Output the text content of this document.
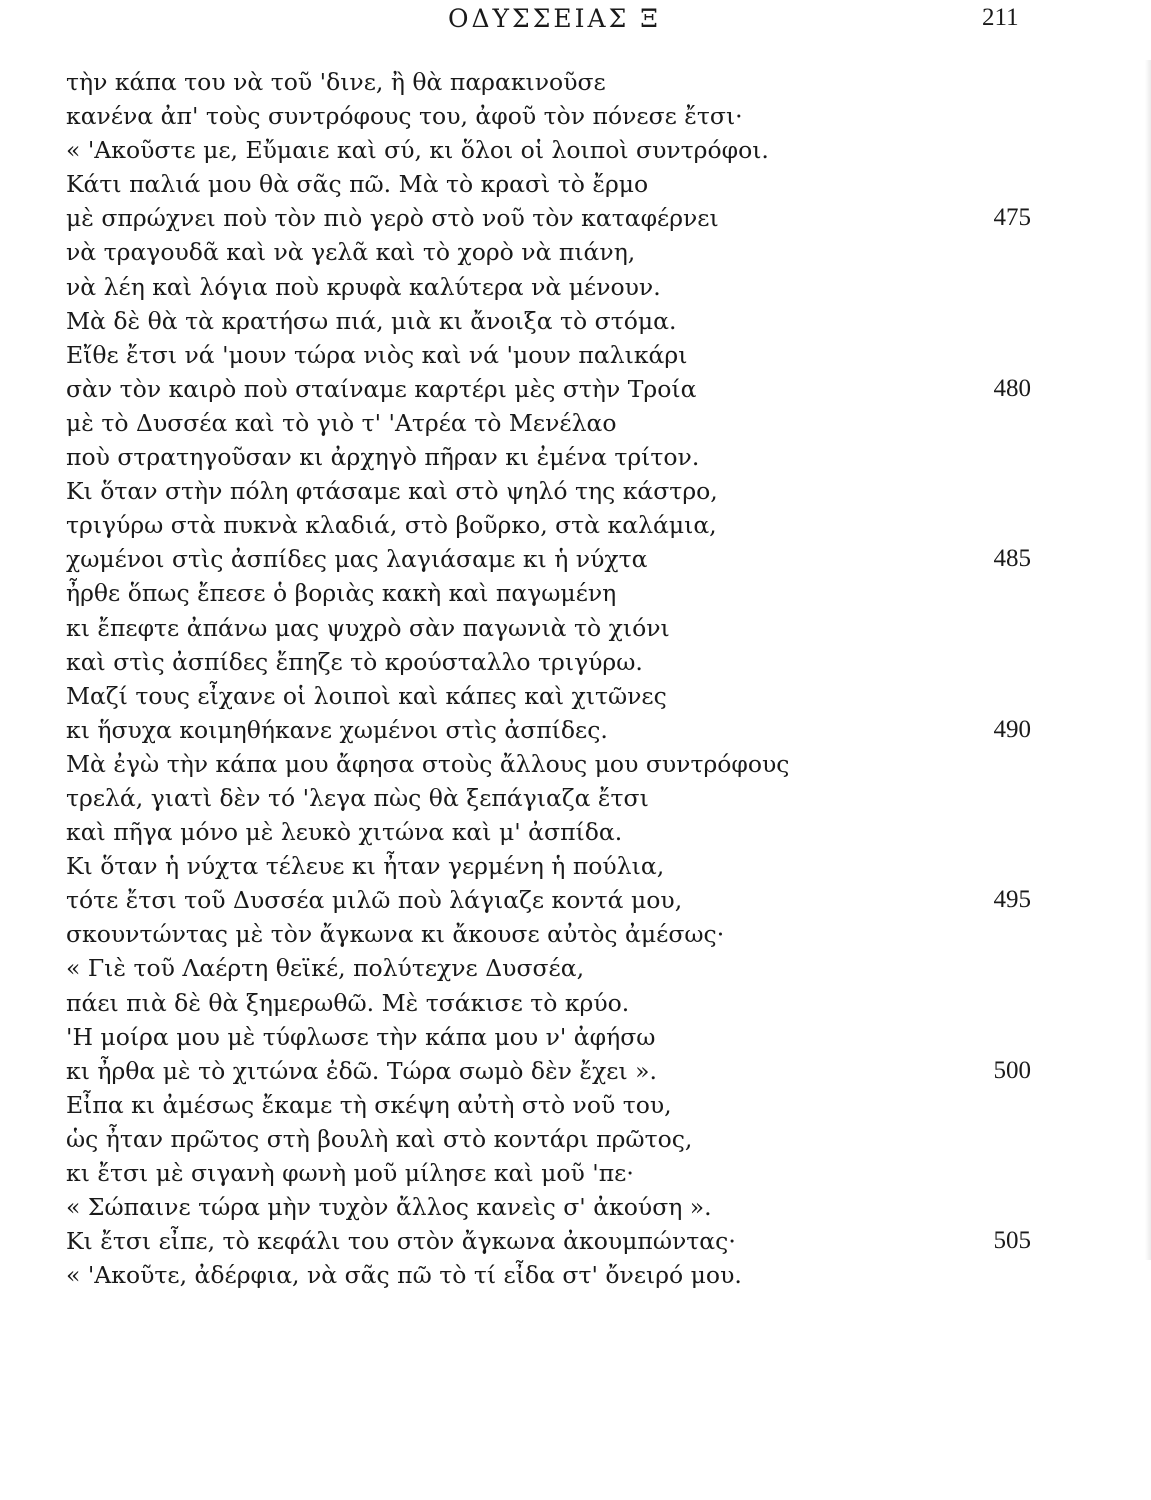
ΟΔΥΣΣΕΙΑΣ Ξ	211
τὴν κάπα του νὰ τοῦ 'δινε, ἢ θὰ παρακινοῦσε
κανένα ἀπ' τοὺς συντρόφους του, ἀφοῦ τὸν πόνεσε ἔτσι·
« 'Ακοῦστε με, Εὔμαιε καὶ σύ, κι ὅλοι οἱ λοιποὶ συντρόφοι.
Κάτι παλιά μου θὰ σᾶς πῶ. Μὰ τὸ κρασὶ τὸ ἔρμο
μὲ σπρώχνει ποὺ τὸν πιὸ γερὸ στὸ νοῦ τὸν καταφέρνει	475
νὰ τραγουδᾶ καὶ νὰ γελᾶ καὶ τὸ χορὸ νὰ πιάνη,
νὰ λέη καὶ λόγια ποὺ κρυφὰ καλύτερα νὰ μένουν.
Μὰ δὲ θὰ τὰ κρατήσω πιά, μιὰ κι ἄνοιξα τὸ στόμα.
Εἴθε ἔτσι νά 'μουν τώρα νιὸς καὶ νά 'μουν παλικάρι
σὰν τὸν καιρὸ ποὺ σταίναμε καρτέρι μὲς στὴν Τροία	480
μὲ τὸ Δυσσέα καὶ τὸ γιὸ τ' 'Ατρέα τὸ Μενέλαο
ποὺ στρατηγοῦσαν κι ἀρχηγὸ πῆραν κι ἐμένα τρίτον.
Κι ὅταν στὴν πόλη φτάσαμε καὶ στὸ ψηλό της κάστρο,
τριγύρω στὰ πυκνὰ κλαδιά, στὸ βοῦρκο, στὰ καλάμια,
χωμένοι στὶς ἀσπίδες μας λαγιάσαμε κι ἡ νύχτα	485
ἦρθε ὅπως ἔπεσε ὁ βοριὰς κακὴ καὶ παγωμένη
κι ἔπεφτε ἀπάνω μας ψυχρὸ σὰν παγωνιὰ τὸ χιόνι
καὶ στὶς ἀσπίδες ἔπηζε τὸ κρούσταλλο τριγύρω.
Μαζί τους εἶχανε οἱ λοιποὶ καὶ κάπες καὶ χιτῶνες
κι ἥσυχα κοιμηθήκανε χωμένοι στὶς ἀσπίδες.	490
Μὰ ἐγὼ τὴν κάπα μου ἄφησα στοὺς ἄλλους μου συντρόφους
τρελά, γιατὶ δὲν τό 'λεγα πὼς θὰ ξεπάγιαζα ἔτσι
καὶ πῆγα μόνο μὲ λευκὸ χιτώνα καὶ μ' ἀσπίδα.
Κι ὅταν ἡ νύχτα τέλευε κι ἦταν γερμένη ἡ πούλια,
τότε ἔτσι τοῦ Δυσσέα μιλῶ ποὺ λάγιαζε κοντά μου,	495
σκουντώντας μὲ τὸν ἄγκωνα κι ἄκουσε αὐτὸς ἀμέσως·
« Γιὲ τοῦ Λαέρτη θεϊκέ, πολύτεχνε Δυσσέα,
πάει πιὰ δὲ θὰ ξημερωθῶ. Μὲ τσάκισε τὸ κρύο.
'Η μοίρα μου μὲ τύφλωσε τὴν κάπα μου ν' ἀφήσω
κι ἦρθα μὲ τὸ χιτώνα ἐδῶ. Τώρα σωμὸ δὲν ἔχει ».	500
Εἶπα κι ἀμέσως ἔκαμε τὴ σκέψη αὐτὴ στὸ νοῦ του,
ὡς ἦταν πρῶτος στὴ βουλὴ καὶ στὸ κοντάρι πρῶτος,
κι ἔτσι μὲ σιγανὴ φωνὴ μοῦ μίλησε καὶ μοῦ 'πε·
« Σώπαινε τώρα μὴν τυχὸν ἄλλος κανεὶς σ' ἀκούση ».
Κι ἔτσι εἶπε, τὸ κεφάλι του στὸν ἄγκωνα ἀκουμπώντας·	505
« 'Ακοῦτε, ἀδέρφια, νὰ σᾶς πῶ τὸ τί εἶδα στ' ὄνειρό μου.
